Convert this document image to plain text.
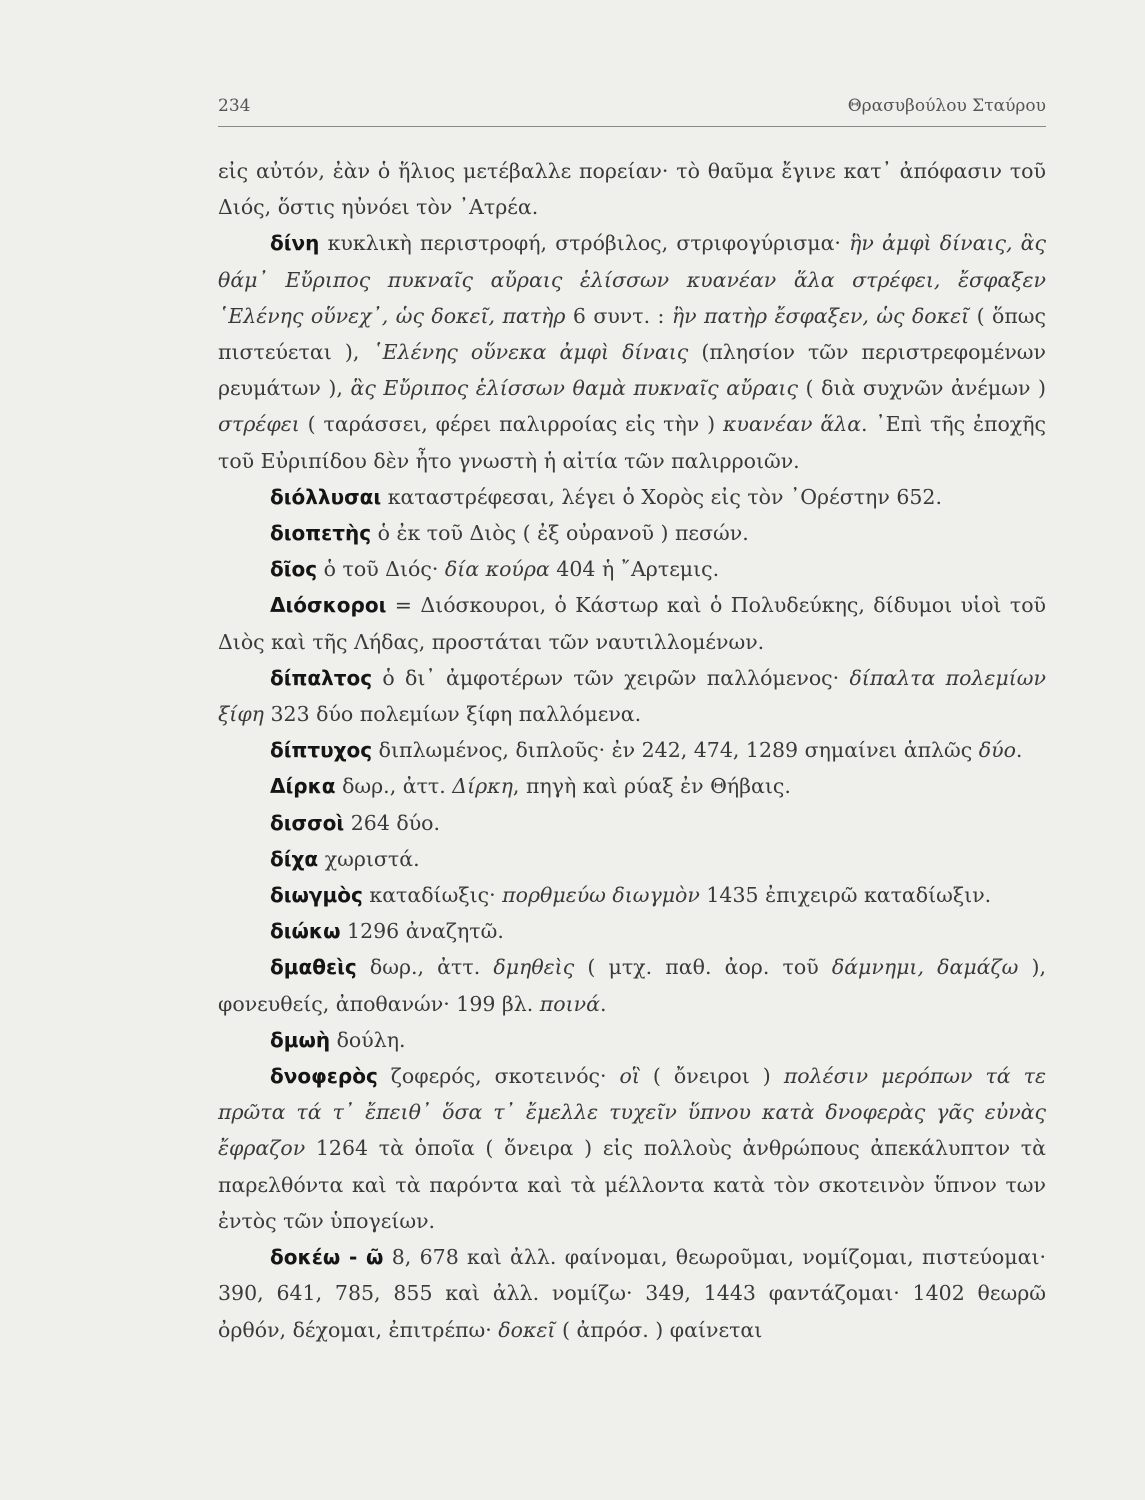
234	Θρασυβούλου Σταύρου

εἰς αὐτόν, ἐὰν ὁ ἥλιος μετέβαλλε πορείαν· τὸ θαῦμα ἔγινε κατ᾽ ἀπόφασιν τοῦ Διός, ὅστις ηὐνόει τὸν ᾽Ατρέα.

δίνη κυκλικὴ περιστροφή, στρόβιλος, στριφογύρισμα· ἣν ἀμφὶ δίναις, ἃς θάμ᾽ Εὔριπος πυκναῖς αὔραις ἑλίσσων κυανέαν ἅλα στρέφει, ἔσφαξεν ῾Ελένης οὕνεχ᾽, ὡς δοκεῖ, πατὴρ 6 συντ. : ἣν πατὴρ ἔσφαξεν, ὡς δοκεῖ ( ὅπως πιστεύεται ), ῾Ελένης οὕνεκα ἀμφὶ δίναις (πλησίον τῶν περιστρεφομένων ρευμάτων ), ἃς Εὔριπος ἑλίσσων θαμὰ πυκναῖς αὔραις ( διὰ συχνῶν ἀνέμων ) στρέφει ( ταράσσει, φέρει παλιρροίας εἰς τὴν ) κυανέαν ἅλα. ᾽Επὶ τῆς ἐποχῆς τοῦ Εὐριπίδου δὲν ἦτο γνωστὴ ἡ αἰτία τῶν παλιρροιῶν.

διόλλυσαι καταστρέφεσαι, λέγει ὁ Χορὸς εἰς τὸν ᾽Ορέστην 652.

διοπετὴς ὁ ἐκ τοῦ Διὸς ( ἐξ οὐρανοῦ ) πεσών.

δῖος ὁ τοῦ Διός· δία κούρα 404 ἡ ῎Αρτεμις.

Διόσκοροι = Διόσκουροι, ὁ Κάστωρ καὶ ὁ Πολυδεύκης, δίδυμοι υἱοὶ τοῦ Διὸς καὶ τῆς Λήδας, προστάται τῶν ναυτιλλομένων.

δίπαλτος ὁ δι᾽ ἀμφοτέρων τῶν χειρῶν παλλόμενος· δίπαλτα πολεμίων ξίφη 323 δύο πολεμίων ξίφη παλλόμενα.

δίπτυχος διπλωμένος, διπλοῦς· ἐν 242, 474, 1289 σημαίνει ἁπλῶς δύο.

Δίρκα δωρ., ἀττ. Δίρκη, πηγὴ καὶ ρύαξ ἐν Θήβαις.

δισσοὶ 264 δύο.

δίχα χωριστά.

διωγμὸς καταδίωξις· πορθμεύω διωγμὸν 1435 ἐπιχειρῶ καταδίωξιν.

διώκω 1296 ἀναζητῶ.

δμαθεὶς δωρ., ἀττ. δμηθεὶς ( μτχ. παθ. ἀορ. τοῦ δάμνημι, δαμάζω ), φονευθείς, ἀποθανών· 199 βλ. ποινά.

δμωὴ δούλη.

δνοφερὸς ζοφερός, σκοτεινός· οἳ ( ὄνειροι ) πολέσιν μερόπων τά τε πρῶτα τά τ᾽ ἔπειθ᾽ ὅσα τ᾽ ἔμελλε τυχεῖν ὕπνου κατὰ δνοφερὰς γᾶς εὐνὰς ἔφραζον 1264 τὰ ὁποῖα ( ὄνειρα ) εἰς πολλοὺς ἀνθρώπους ἀπεκάλυπτον τὰ παρελθόντα καὶ τὰ παρόντα καὶ τὰ μέλλοντα κατὰ τὸν σκοτεινὸν ὕπνον των ἐντὸς τῶν ὑπογείων.

δοκέω - ῶ 8, 678 καὶ ἀλλ. φαίνομαι, θεωροῦμαι, νομίζομαι, πιστεύομαι· 390, 641, 785, 855 καὶ ἀλλ. νομίζω· 349, 1443 φαντάζομαι· 1402 θεωρῶ ὀρθόν, δέχομαι, ἐπιτρέπω· δοκεῖ ( ἀπρόσ. ) φαίνεται
